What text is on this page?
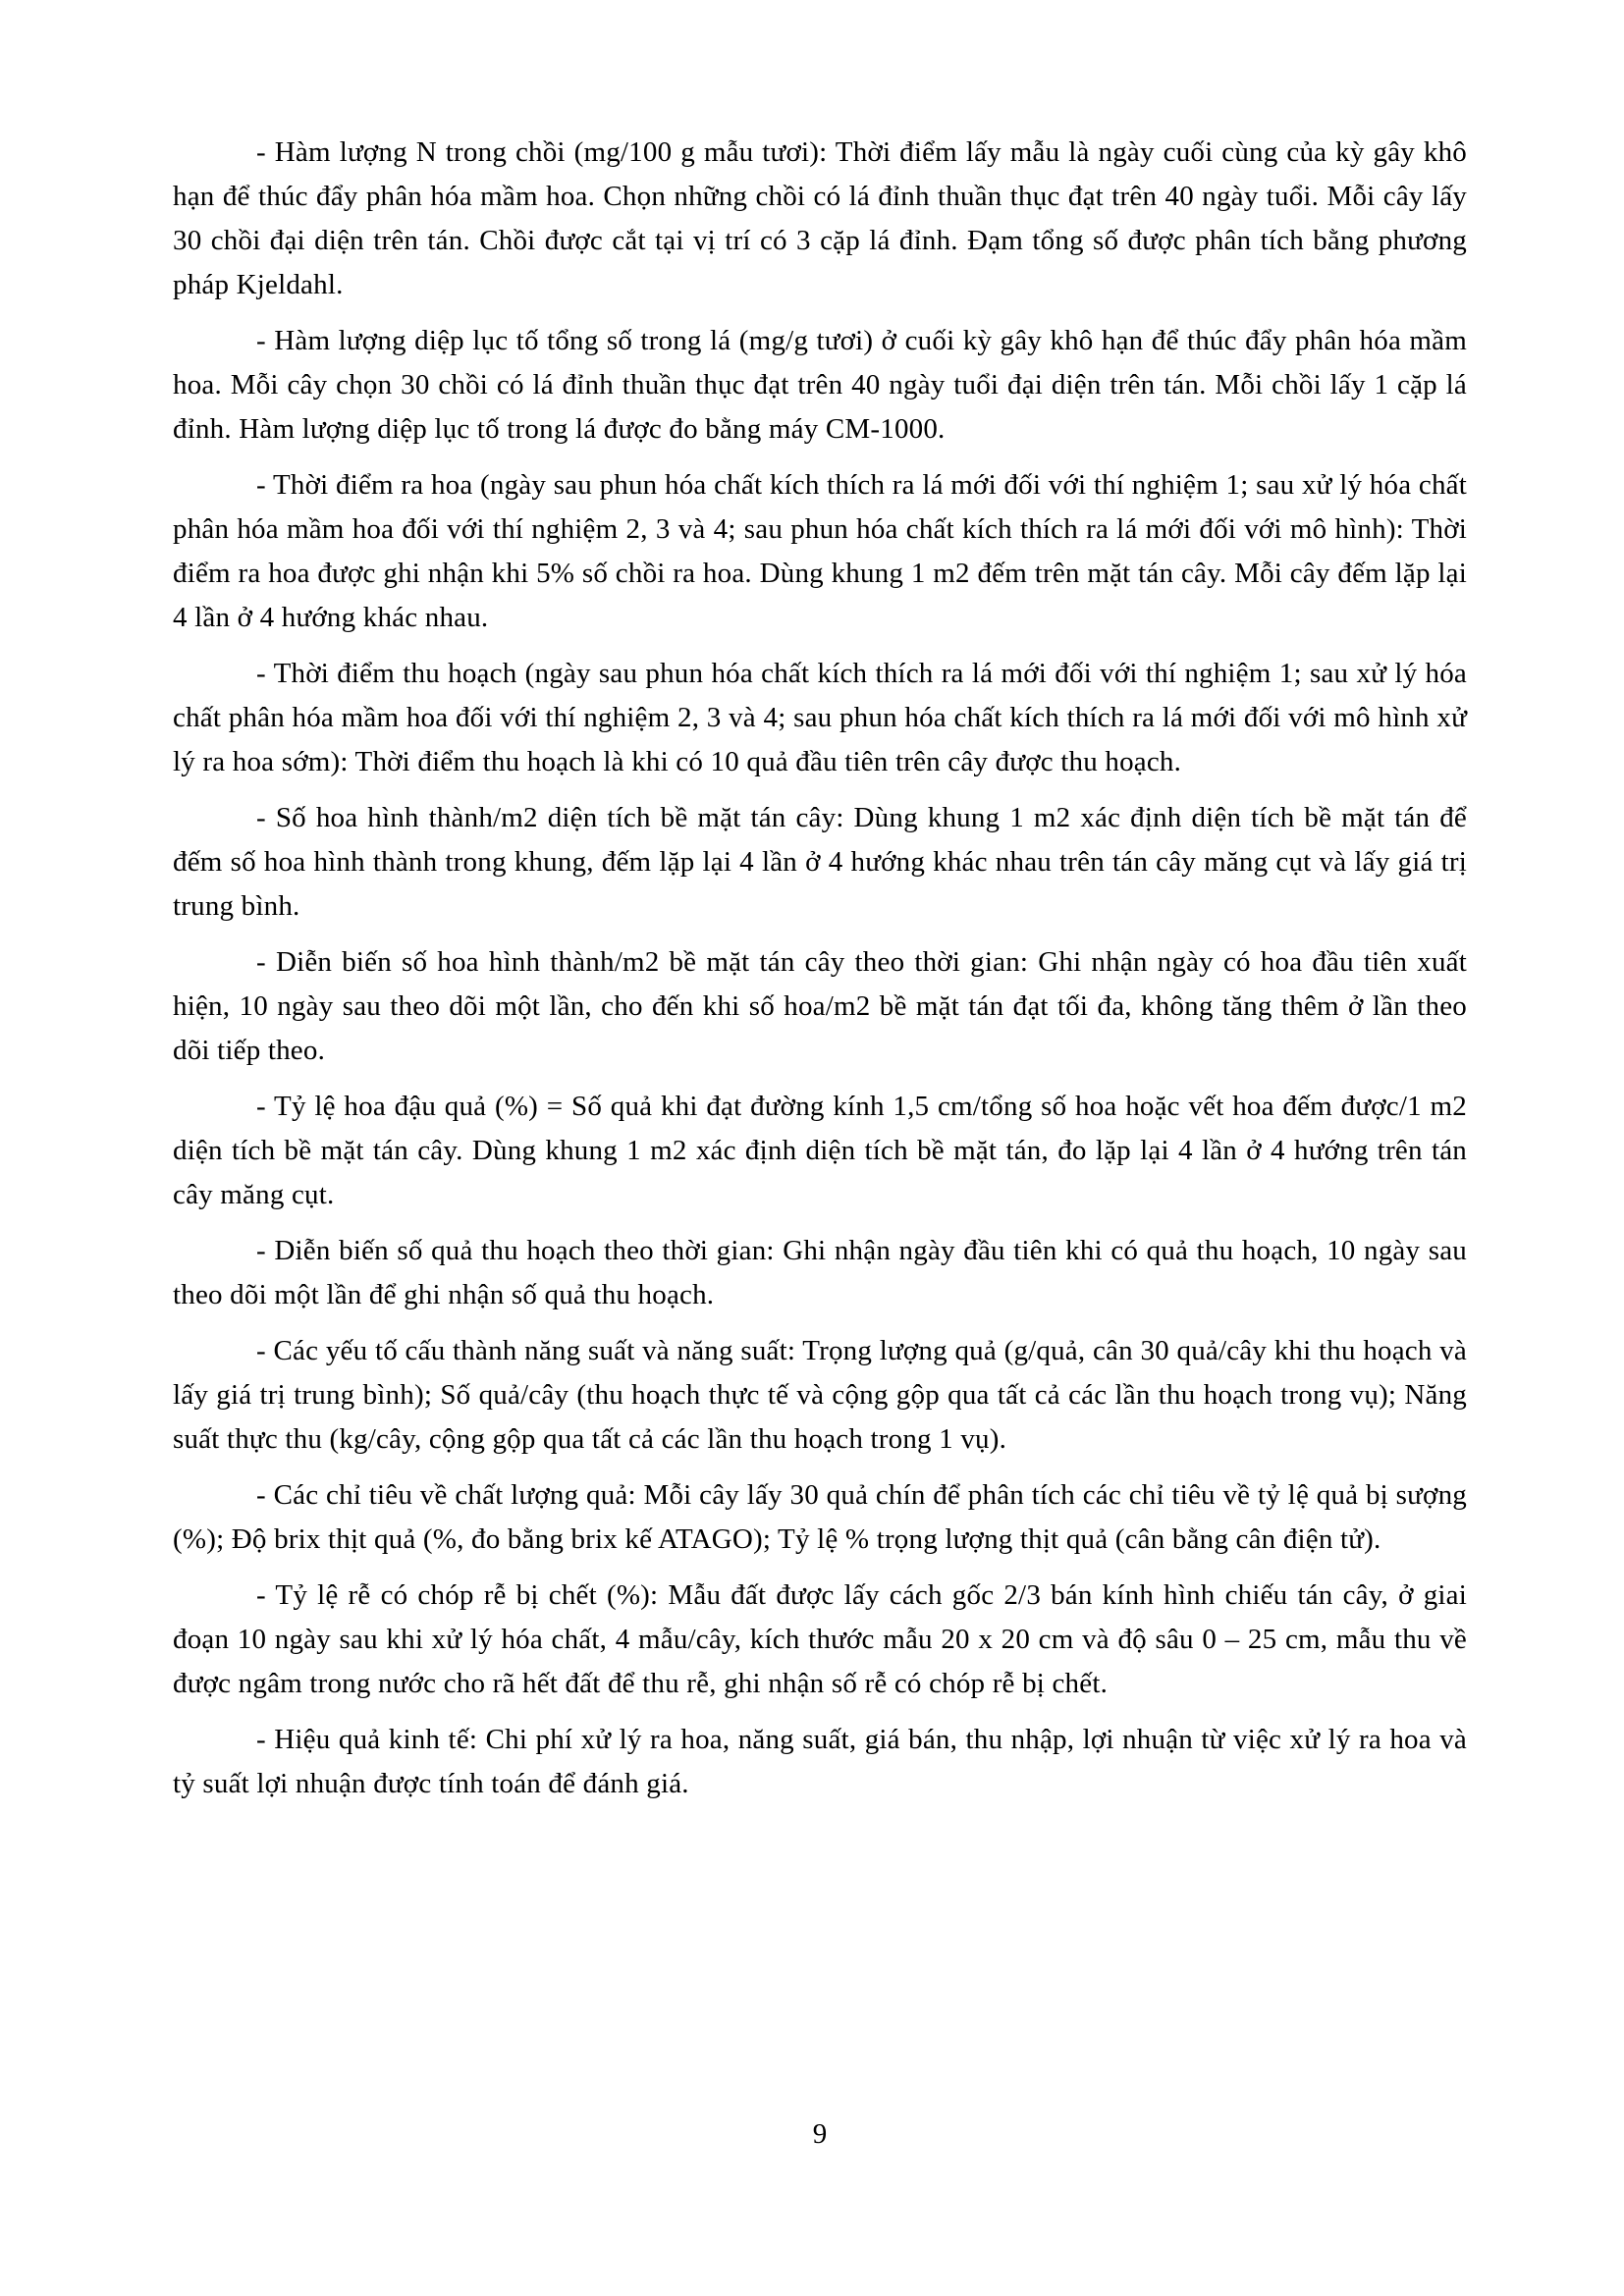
- Hàm lượng N trong chồi (mg/100 g mẫu tươi): Thời điểm lấy mẫu là ngày cuối cùng của kỳ gây khô hạn để thúc đẩy phân hóa mầm hoa. Chọn những chồi có lá đỉnh thuần thục đạt trên 40 ngày tuổi. Mỗi cây lấy 30 chồi đại diện trên tán. Chồi được cắt tại vị trí có 3 cặp lá đỉnh. Đạm tổng số được phân tích bằng phương pháp Kjeldahl.

- Hàm lượng diệp lục tố tổng số trong lá (mg/g tươi) ở cuối kỳ gây khô hạn để thúc đẩy phân hóa mầm hoa. Mỗi cây chọn 30 chồi có lá đỉnh thuần thục đạt trên 40 ngày tuổi đại diện trên tán. Mỗi chồi lấy 1 cặp lá đỉnh. Hàm lượng diệp lục tố trong lá được đo bằng máy CM-1000.

- Thời điểm ra hoa (ngày sau phun hóa chất kích thích ra lá mới đối với thí nghiệm 1; sau xử lý hóa chất phân hóa mầm hoa đối với thí nghiệm 2, 3 và 4; sau phun hóa chất kích thích ra lá mới đối với mô hình): Thời điểm ra hoa được ghi nhận khi 5% số chồi ra hoa. Dùng khung 1 m2 đếm trên mặt tán cây. Mỗi cây đếm lặp lại 4 lần ở 4 hướng khác nhau.

- Thời điểm thu hoạch (ngày sau phun hóa chất kích thích ra lá mới đối với thí nghiệm 1; sau xử lý hóa chất phân hóa mầm hoa đối với thí nghiệm 2, 3 và 4; sau phun hóa chất kích thích ra lá mới đối với mô hình xử lý ra hoa sớm): Thời điểm thu hoạch là khi có 10 quả đầu tiên trên cây được thu hoạch.

- Số hoa hình thành/m2 diện tích bề mặt tán cây: Dùng khung 1 m2 xác định diện tích bề mặt tán để đếm số hoa hình thành trong khung, đếm lặp lại 4 lần ở 4 hướng khác nhau trên tán cây măng cụt và lấy giá trị trung bình.

- Diễn biến số hoa hình thành/m2 bề mặt tán cây theo thời gian: Ghi nhận ngày có hoa đầu tiên xuất hiện, 10 ngày sau theo dõi một lần, cho đến khi số hoa/m2 bề mặt tán đạt tối đa, không tăng thêm ở lần theo dõi tiếp theo.

- Tỷ lệ hoa đậu quả (%) = Số quả khi đạt đường kính 1,5 cm/tổng số hoa hoặc vết hoa đếm được/1 m2 diện tích bề mặt tán cây. Dùng khung 1 m2 xác định diện tích bề mặt tán, đo lặp lại 4 lần ở 4 hướng trên tán cây măng cụt.

- Diễn biến số quả thu hoạch theo thời gian: Ghi nhận ngày đầu tiên khi có quả thu hoạch, 10 ngày sau theo dõi một lần để ghi nhận số quả thu hoạch.

- Các yếu tố cấu thành năng suất và năng suất: Trọng lượng quả (g/quả, cân 30 quả/cây khi thu hoạch và lấy giá trị trung bình); Số quả/cây (thu hoạch thực tế và cộng gộp qua tất cả các lần thu hoạch trong vụ); Năng suất thực thu (kg/cây, cộng gộp qua tất cả các lần thu hoạch trong 1 vụ).

- Các chỉ tiêu về chất lượng quả: Mỗi cây lấy 30 quả chín để phân tích các chỉ tiêu về tỷ lệ quả bị sượng (%); Độ brix thịt quả (%, đo bằng brix kế ATAGO); Tỷ lệ % trọng lượng thịt quả (cân bằng cân điện tử).

- Tỷ lệ rễ có chóp rễ bị chết (%): Mẫu đất được lấy cách gốc 2/3 bán kính hình chiếu tán cây, ở giai đoạn 10 ngày sau khi xử lý hóa chất, 4 mẫu/cây, kích thước mẫu 20 x 20 cm và độ sâu 0 – 25 cm, mẫu thu về được ngâm trong nước cho rã hết đất để thu rễ, ghi nhận số rễ có chóp rễ bị chết.

- Hiệu quả kinh tế: Chi phí xử lý ra hoa, năng suất, giá bán, thu nhập, lợi nhuận từ việc xử lý ra hoa và tỷ suất lợi nhuận được tính toán để đánh giá.

9
